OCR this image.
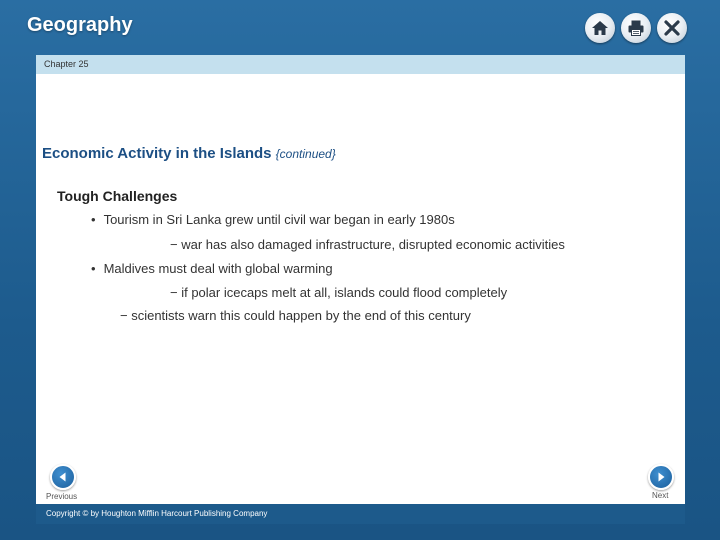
Geography
Chapter 25
Economic Activity in the Islands {continued}
Tough Challenges
• Tourism in Sri Lanka grew until civil war began in early 1980s
− war has also damaged infrastructure, disrupted economic activities
• Maldives must deal with global warming
− if polar icecaps melt at all, islands could flood completely
− scientists warn this could happen by the end of this century
Previous	Next
Copyright © by Houghton Mifflin Harcourt Publishing Company
